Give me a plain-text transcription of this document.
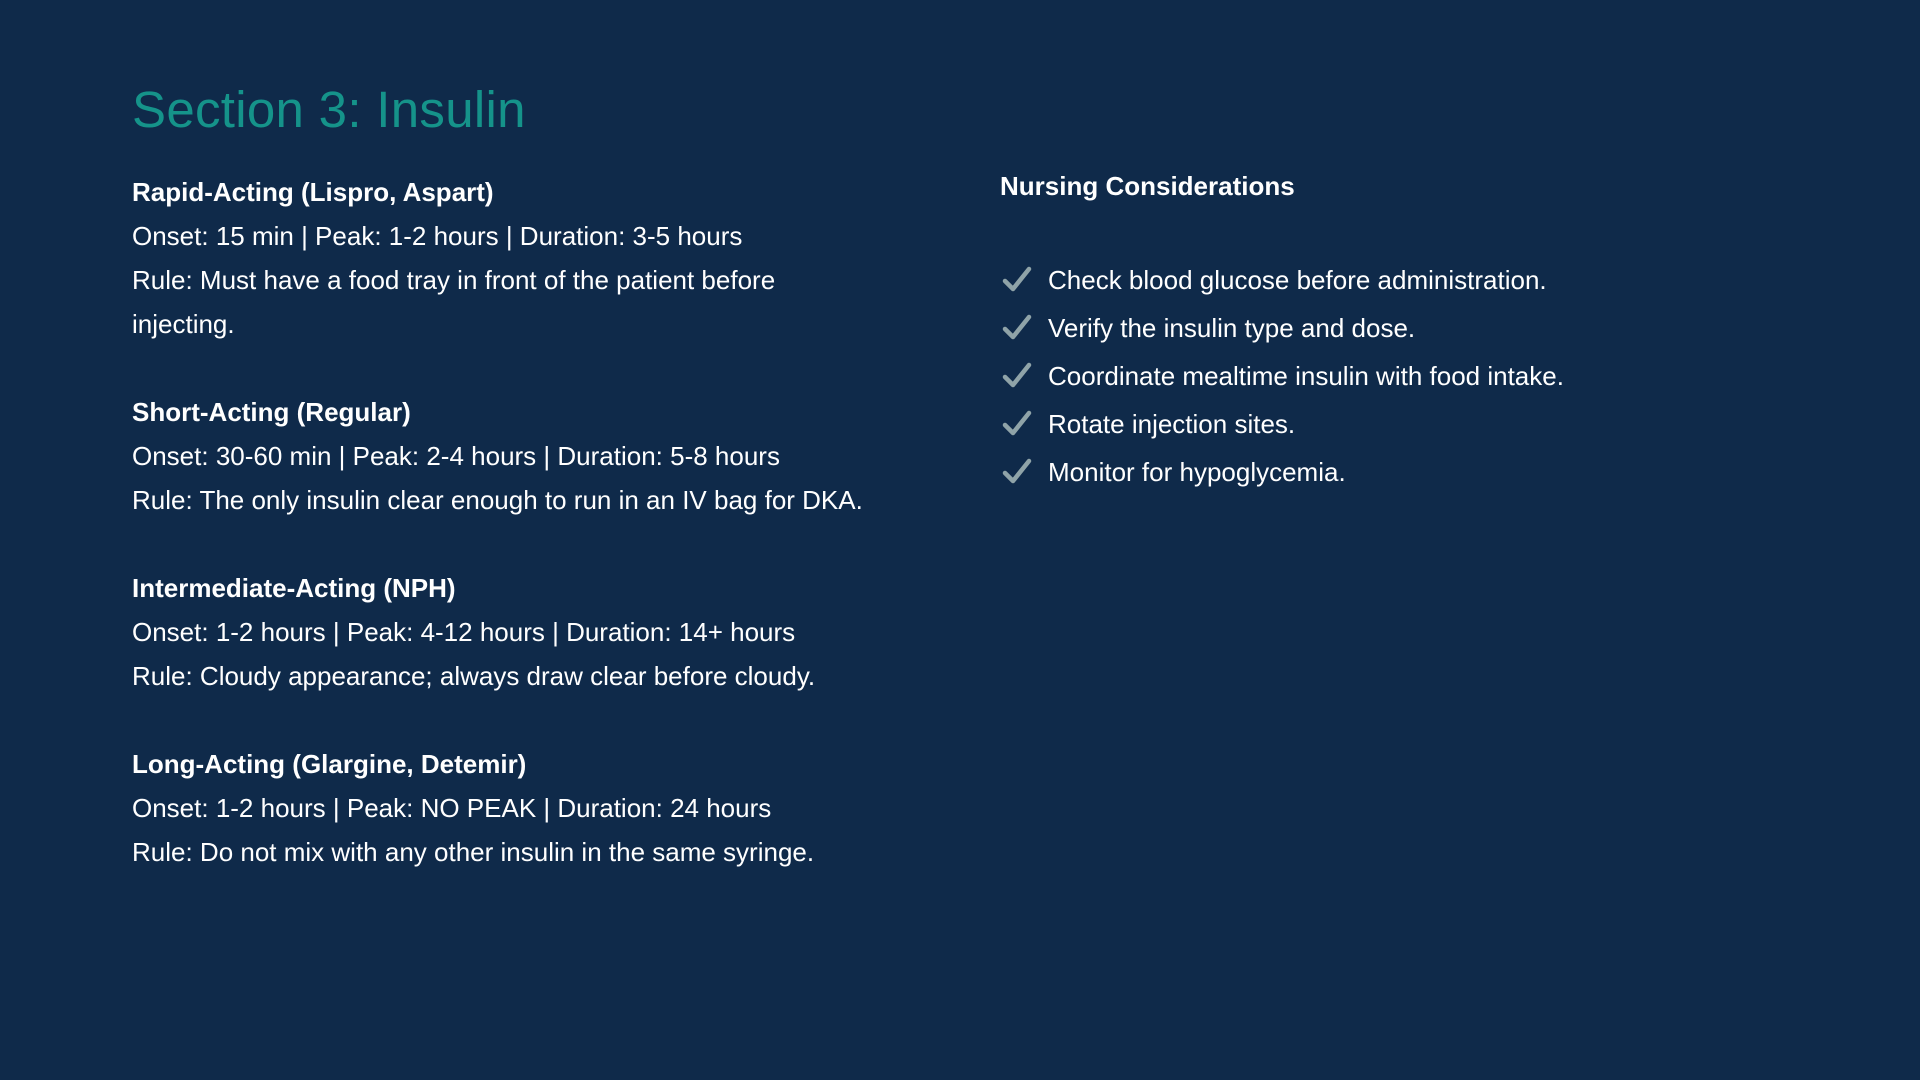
Section 3: Insulin

Rapid-Acting (Lispro, Aspart)

Onset: 15 min | Peak: 1-2 hours | Duration: 3-5 hours

Rule: Must have a food tray in front of the patient before injecting.

Short-Acting (Regular)

Onset: 30-60 min | Peak: 2-4 hours | Duration: 5-8 hours

Rule: The only insulin clear enough to run in an IV bag for DKA.

Intermediate-Acting (NPH)

Onset: 1-2 hours | Peak: 4-12 hours | Duration: 14+ hours

Rule: Cloudy appearance; always draw clear before cloudy.

Long-Acting (Glargine, Detemir)

Onset: 1-2 hours | Peak: NO PEAK | Duration: 24 hours

Rule: Do not mix with any other insulin in the same syringe.

Nursing Considerations

Check blood glucose before administration.
Verify the insulin type and dose.
Coordinate mealtime insulin with food intake.
Rotate injection sites.
Monitor for hypoglycemia.
